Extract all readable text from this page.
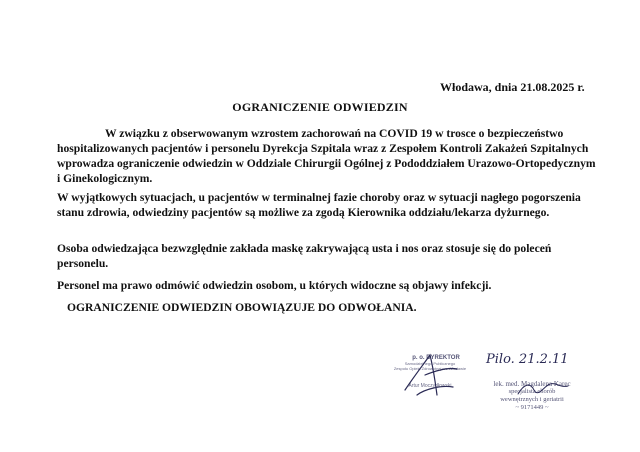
Włodawa, dnia 21.08.2025 r.
OGRANICZENIE ODWIEDZIN
W związku z obserwowanym wzrostem zachorowań na COVID 19 w trosce o bezpieczeństwo hospitalizowanych pacjentów i personelu Dyrekcja Szpitala wraz z Zespołem Kontroli Zakażeń Szpitalnych wprowadza ograniczenie odwiedzin w Oddziale Chirurgii Ogólnej z Pododdziałem Urazowo-Ortopedycznym i Ginekologicznym.
W wyjątkowych sytuacjach, u pacjentów w terminalnej fazie choroby oraz w sytuacji nagłego pogorszenia stanu zdrowia, odwiedziny pacjentów są możliwe za zgodą Kierownika oddziału/lekarza dyżurnego.
Osoba odwiedzająca bezwzględnie zakłada maskę zakrywającą usta i nos oraz stosuje się do poleceń personelu.
Personel ma prawo odmówić odwiedzin osobom, u których widoczne są objawy infekcji.
OGRANICZENIE ODWIEDZIN OBOWIĄZUJE DO ODWOŁANIA.
p. o. DYREKTOR
Samodzielnego Publicznego
Zespołu Opieki Zdrowotnej we Włodawie
Artur Moczydłowski
Pilo. 21.2.11
lek. med. Magdalena Karec
specjalista chorób
wewnętrznych i geriatrii
~ 9171449 ~
